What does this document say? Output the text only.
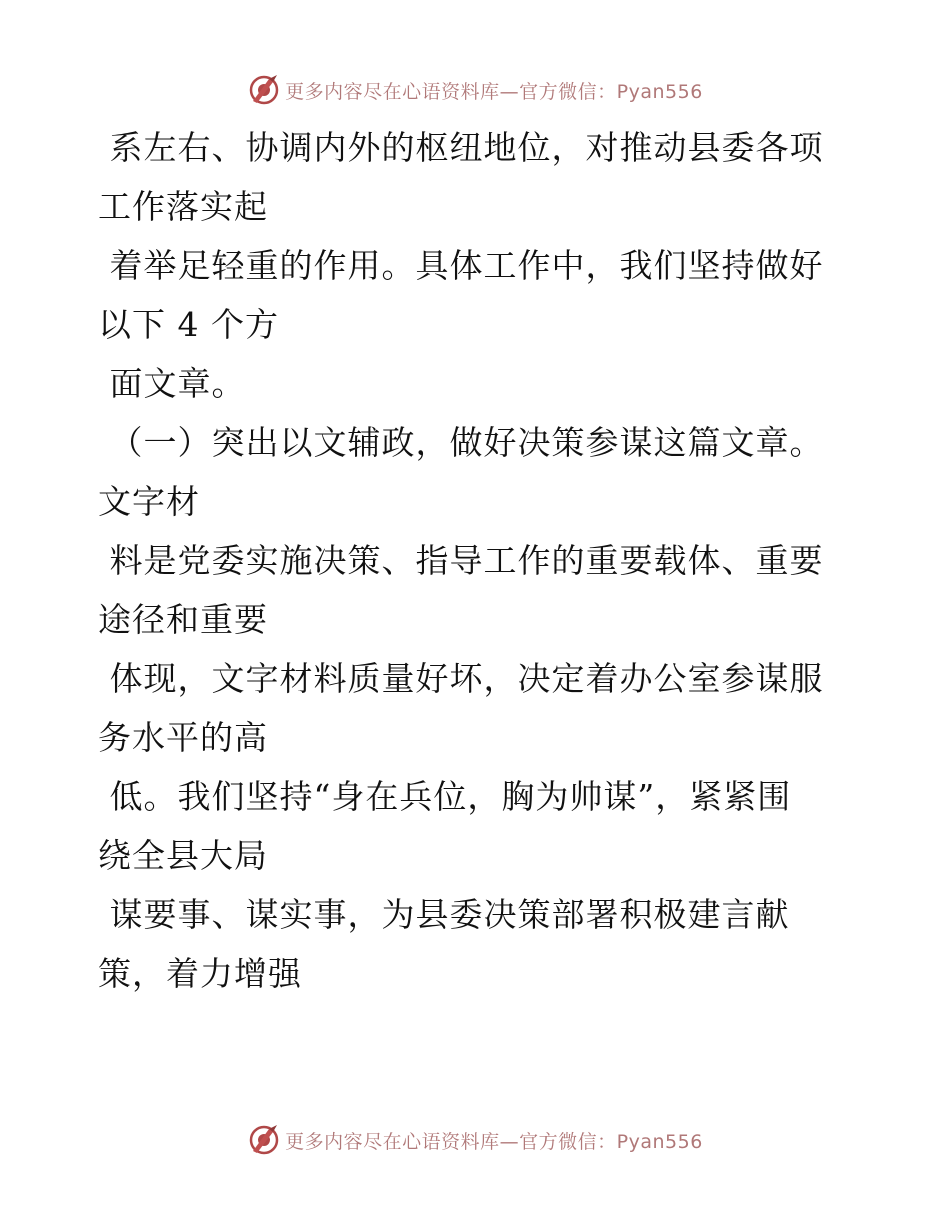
更多内容尽在心语资料库—官方微信：Pyan556
系左右、协调内外的枢纽地位，对推动县委各项
工作落实起
着举足轻重的作用。具体工作中，我们坚持做好
以下 4 个方
面文章。
（一）突出以文辅政，做好决策参谋这篇文章。
文字材
料是党委实施决策、指导工作的重要载体、重要
途径和重要
体现，文字材料质量好坏，决定着办公室参谋服
务水平的高
低。我们坚持“身在兵位，胸为帅谋”，紧紧围
绕全县大局
谋要事、谋实事，为县委决策部署积极建言献
策，着力增强
更多内容尽在心语资料库—官方微信：Pyan556
